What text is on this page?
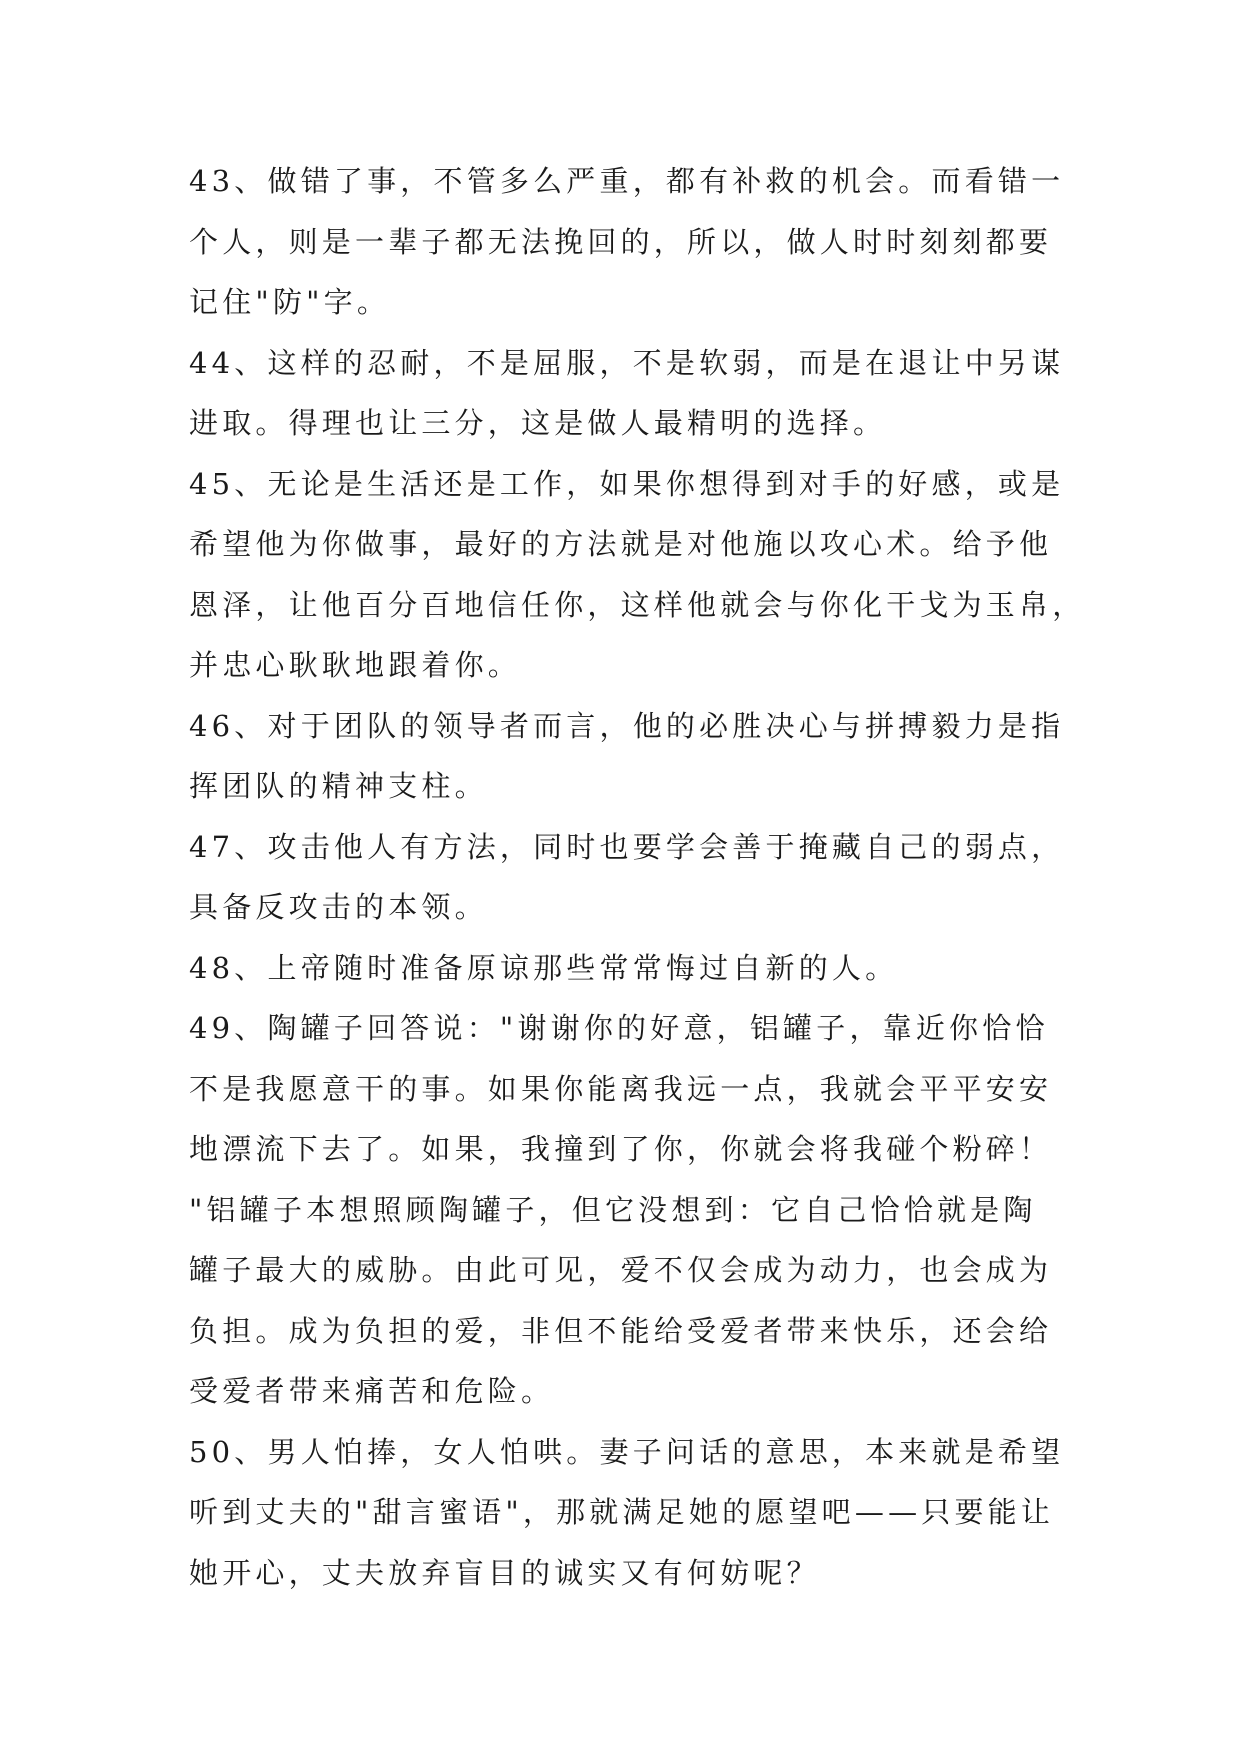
43、做错了事，不管多么严重，都有补救的机会。而看错一
个人，则是一辈子都无法挽回的，所以，做人时时刻刻都要
记住"防"字。
44、这样的忍耐，不是屈服，不是软弱，而是在退让中另谋
进取。得理也让三分，这是做人最精明的选择。
45、无论是生活还是工作，如果你想得到对手的好感，或是
希望他为你做事，最好的方法就是对他施以攻心术。给予他
恩泽，让他百分百地信任你，这样他就会与你化干戈为玉帛，
并忠心耿耿地跟着你。
46、对于团队的领导者而言，他的必胜决心与拼搏毅力是指
挥团队的精神支柱。
47、攻击他人有方法，同时也要学会善于掩藏自己的弱点，
具备反攻击的本领。
48、上帝随时准备原谅那些常常悔过自新的人。
49、陶罐子回答说："谢谢你的好意，铝罐子，靠近你恰恰
不是我愿意干的事。如果你能离我远一点，我就会平平安安
地漂流下去了。如果，我撞到了你，你就会将我碰个粉碎！
"铝罐子本想照顾陶罐子，但它没想到：它自己恰恰就是陶
罐子最大的威胁。由此可见，爱不仅会成为动力，也会成为
负担。成为负担的爱，非但不能给受爱者带来快乐，还会给
受爱者带来痛苦和危险。
50、男人怕捧，女人怕哄。妻子问话的意思，本来就是希望
听到丈夫的"甜言蜜语"，那就满足她的愿望吧——只要能让
她开心，丈夫放弃盲目的诚实又有何妨呢？
